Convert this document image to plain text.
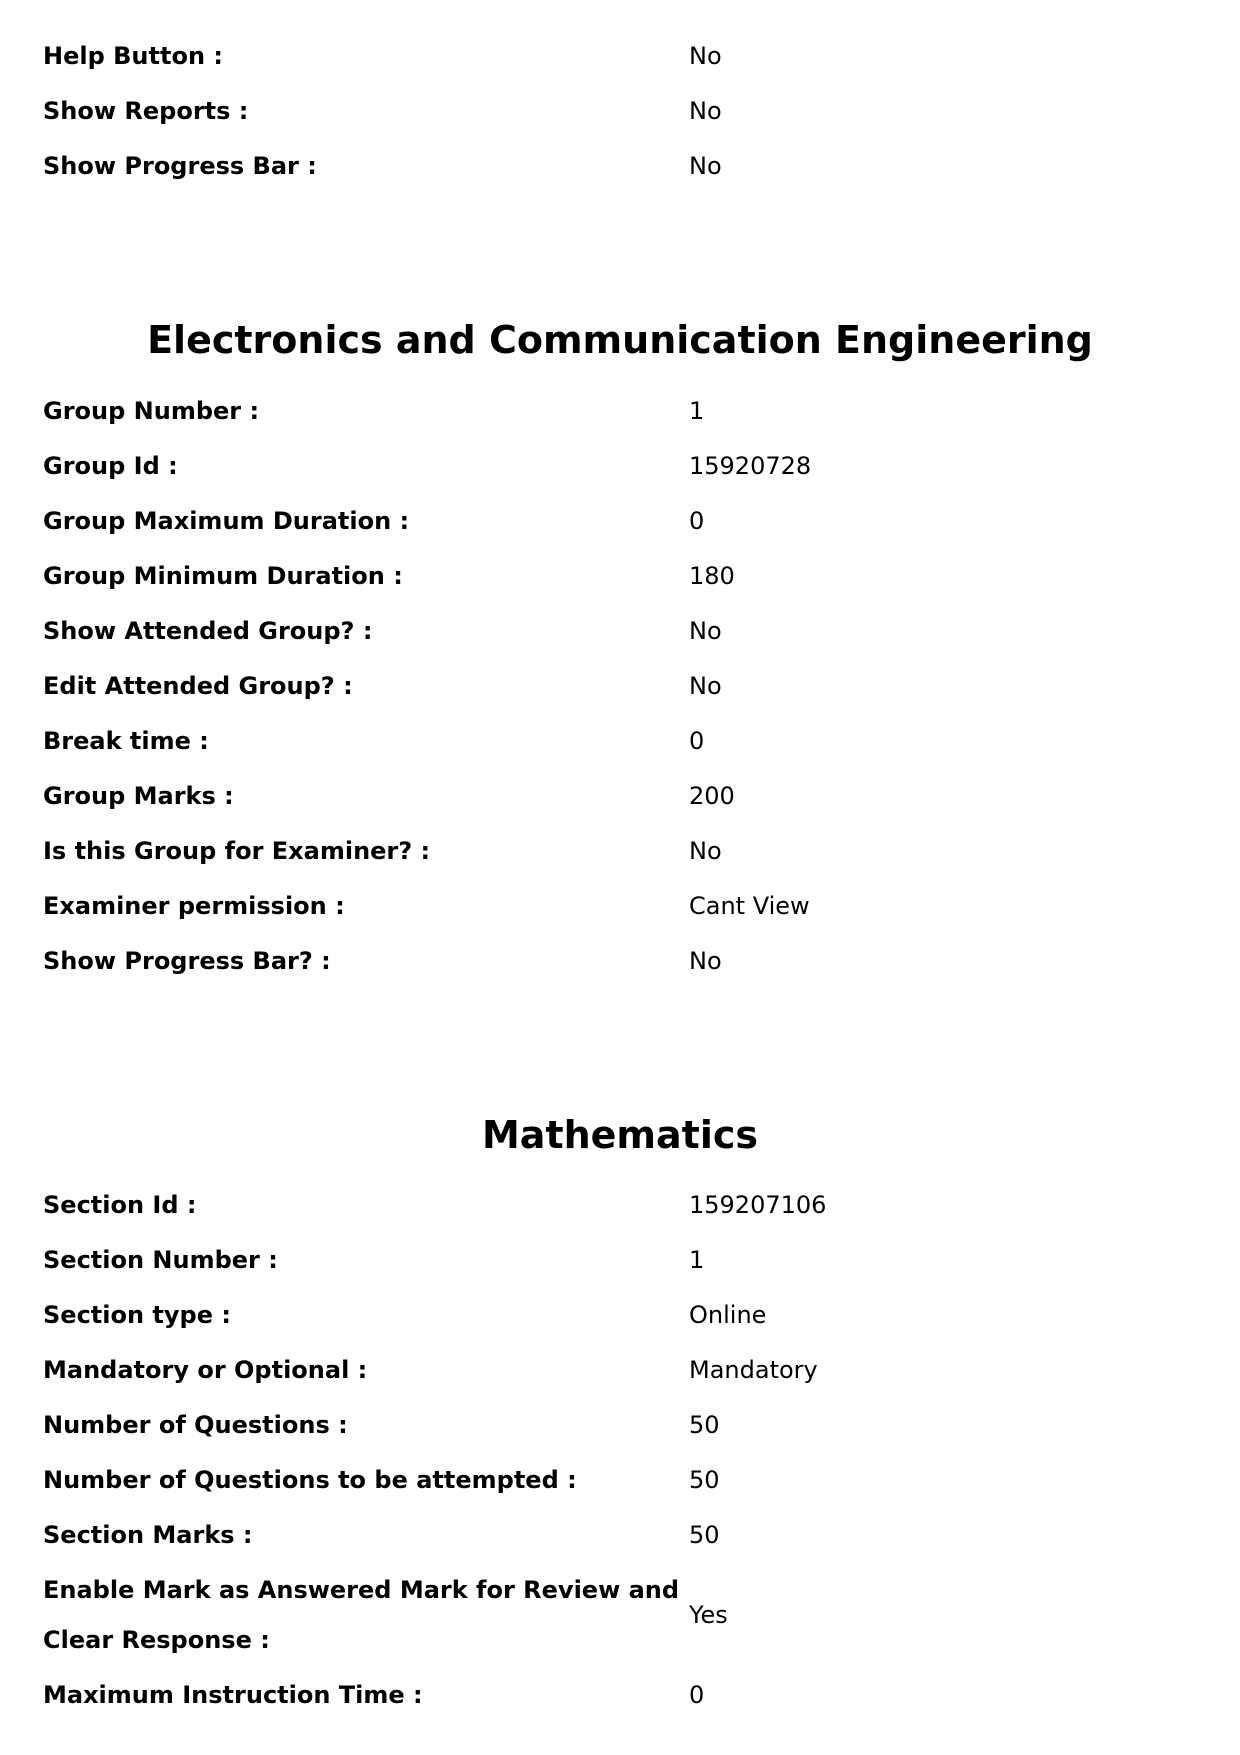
Help Button :	No
Show Reports :	No
Show Progress Bar :	No
Electronics and Communication Engineering
Group Number :	1
Group Id :	15920728
Group Maximum Duration :	0
Group Minimum Duration :	180
Show Attended Group? :	No
Edit Attended Group? :	No
Break time :	0
Group Marks :	200
Is this Group for Examiner? :	No
Examiner permission :	Cant View
Show Progress Bar? :	No
Mathematics
Section Id :	159207106
Section Number :	1
Section type :	Online
Mandatory or Optional :	Mandatory
Number of Questions :	50
Number of Questions to be attempted :	50
Section Marks :	50
Enable Mark as Answered Mark for Review and Clear Response :
Yes
Maximum Instruction Time :	0
